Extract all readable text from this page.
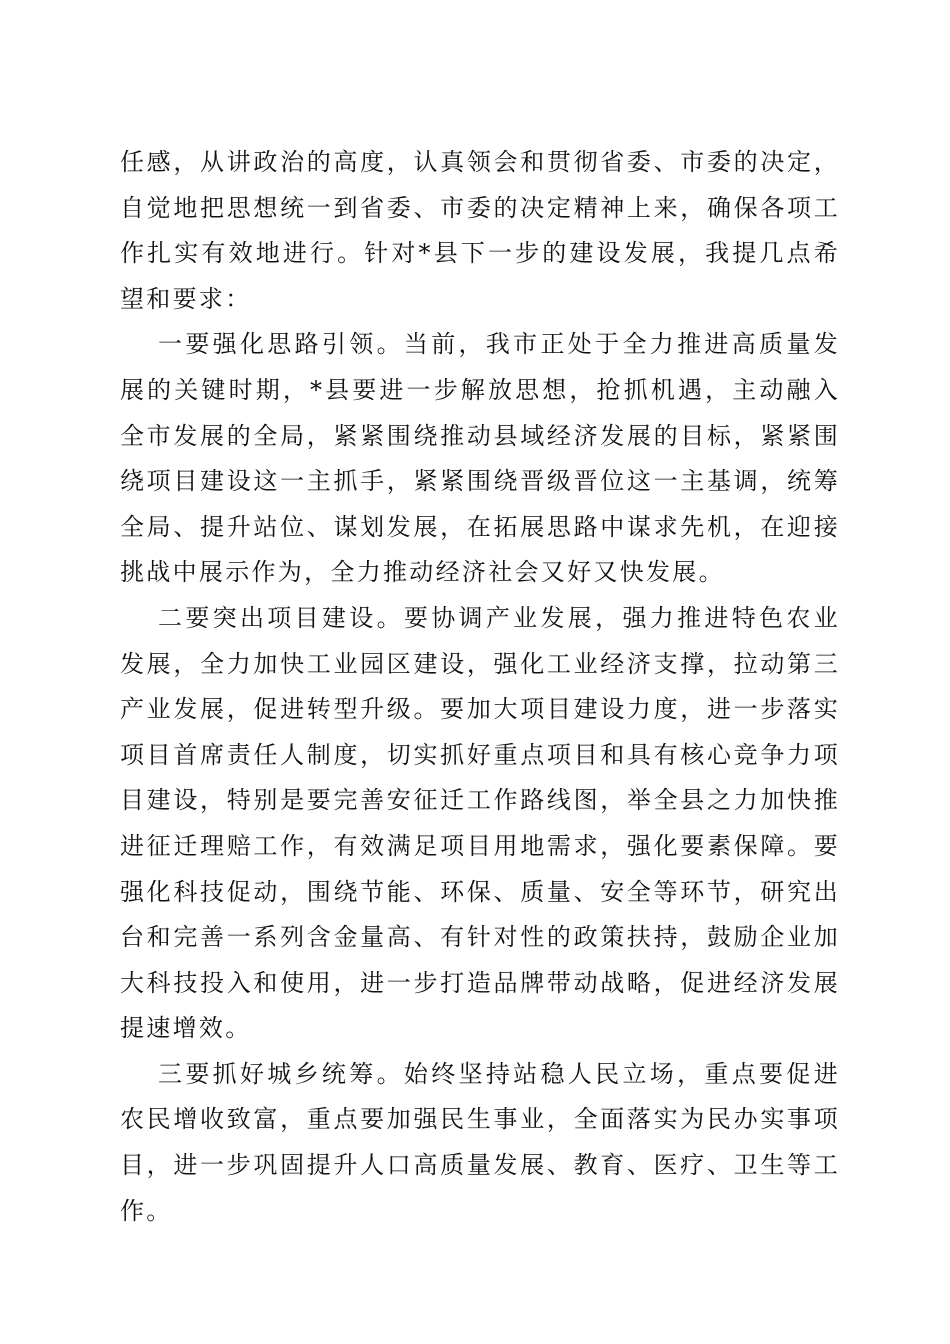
任感，从讲政治的高度，认真领会和贯彻省委、市委的决定，自觉地把思想统一到省委、市委的决定精神上来，确保各项工作扎实有效地进行。针对*县下一步的建设发展，我提几点希望和要求：

一要强化思路引领。当前，我市正处于全力推进高质量发展的关键时期，*县要进一步解放思想，抢抓机遇，主动融入全市发展的全局，紧紧围绕推动县域经济发展的目标，紧紧围绕项目建设这一主抓手，紧紧围绕晋级晋位这一主基调，统筹全局、提升站位、谋划发展，在拓展思路中谋求先机，在迎接挑战中展示作为，全力推动经济社会又好又快发展。

二要突出项目建设。要协调产业发展，强力推进特色农业发展，全力加快工业园区建设，强化工业经济支撑，拉动第三产业发展，促进转型升级。要加大项目建设力度，进一步落实项目首席责任人制度，切实抓好重点项目和具有核心竞争力项目建设，特别是要完善安征迁工作路线图，举全县之力加快推进征迁理赔工作，有效满足项目用地需求，强化要素保障。要强化科技促动，围绕节能、环保、质量、安全等环节，研究出台和完善一系列含金量高、有针对性的政策扶持，鼓励企业加大科技投入和使用，进一步打造品牌带动战略，促进经济发展提速增效。

三要抓好城乡统筹。始终坚持站稳人民立场，重点要促进农民增收致富，重点要加强民生事业，全面落实为民办实事项目，进一步巩固提升人口高质量发展、教育、医疗、卫生等工作。
